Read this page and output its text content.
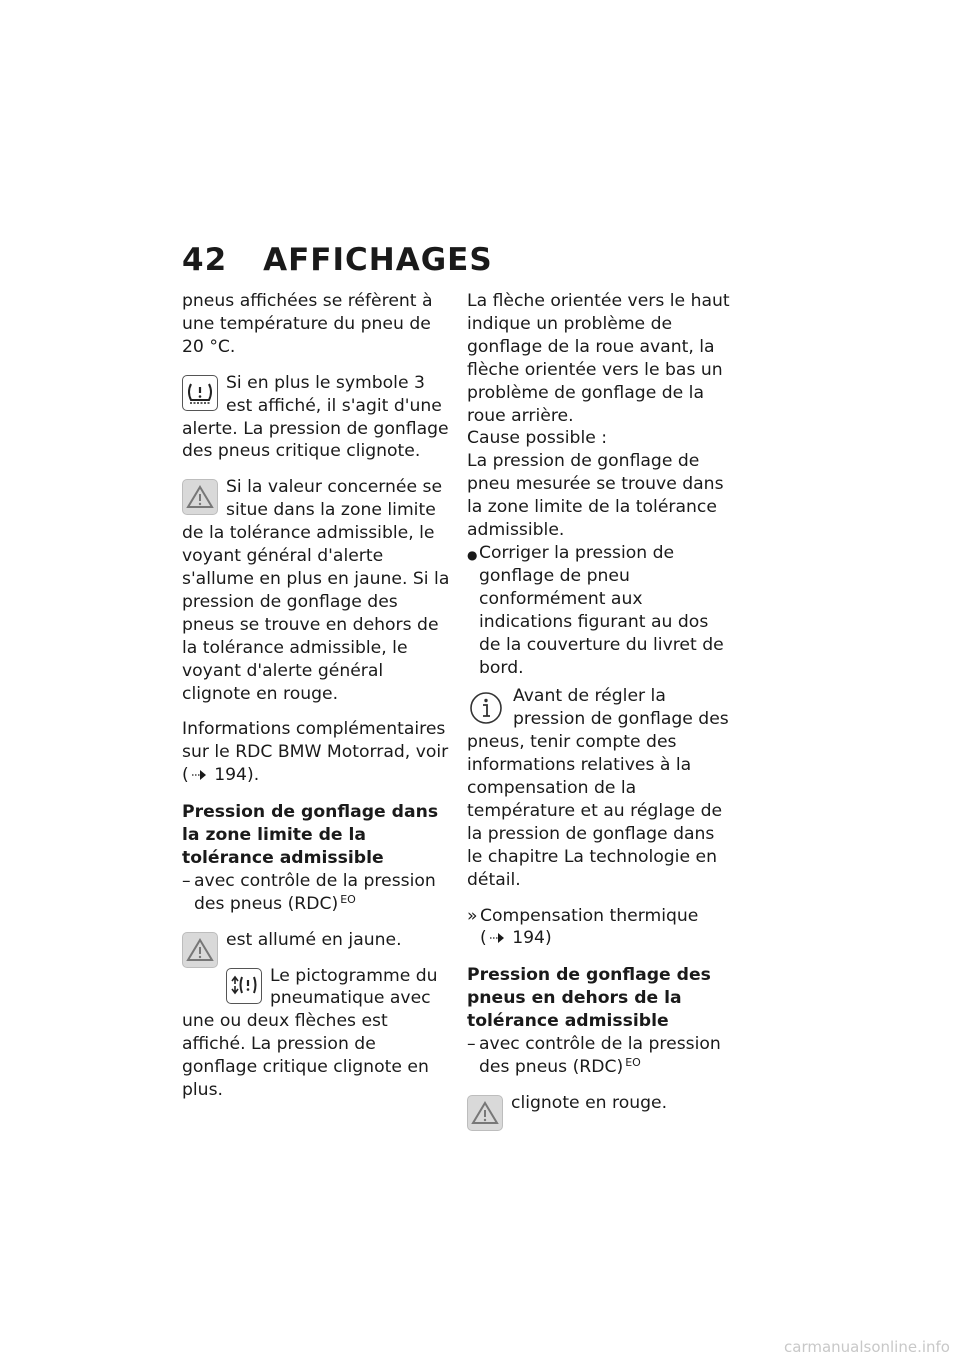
42 AFFICHAGES

pneus affichées se réfèrent à une température du pneu de 20 °C.

Si en plus le symbole 3 est affiché, il s'agit d'une alerte. La pression de gonflage des pneus critique clignote.

Si la valeur concernée se situe dans la zone limite de la tolérance admissible, le voyant général d'alerte s'allume en plus en jaune. Si la pression de gonflage des pneus se trouve en dehors de la tolérance admissible, le voyant d'alerte général clignote en rouge.

Informations complémentaires sur le RDC BMW Motorrad, voir ( 194).

Pression de gonflage dans la zone limite de la tolérance admissible

– avec contrôle de la pression des pneus (RDC) $^{EO}$

est allumé en jaune.

Le pictogramme du pneumatique avec une ou deux flèches est affiché. La pression de gonflage critique clignote en plus.

La flèche orientée vers le haut indique un problème de gonflage de la roue avant, la flèche orientée vers le bas un problème de gonflage de la roue arrière.

Cause possible :

La pression de gonflage de pneu mesurée se trouve dans la zone limite de la tolérance admissible.

● Corriger la pression de gonflage de pneu conformément aux indications figurant au dos de la couverture du livret de bord.

Avant de régler la pression de gonflage des pneus, tenir compte des informations relatives à la compensation de la température et au réglage de la pression de gonflage dans le chapitre La technologie en détail.

» Compensation thermique
( 194)

Pression de gonflage des pneus en dehors de la tolérance admissible

– avec contrôle de la pression des pneus (RDC) $^{EO}$

clignote en rouge.

carmanualsonline.info
